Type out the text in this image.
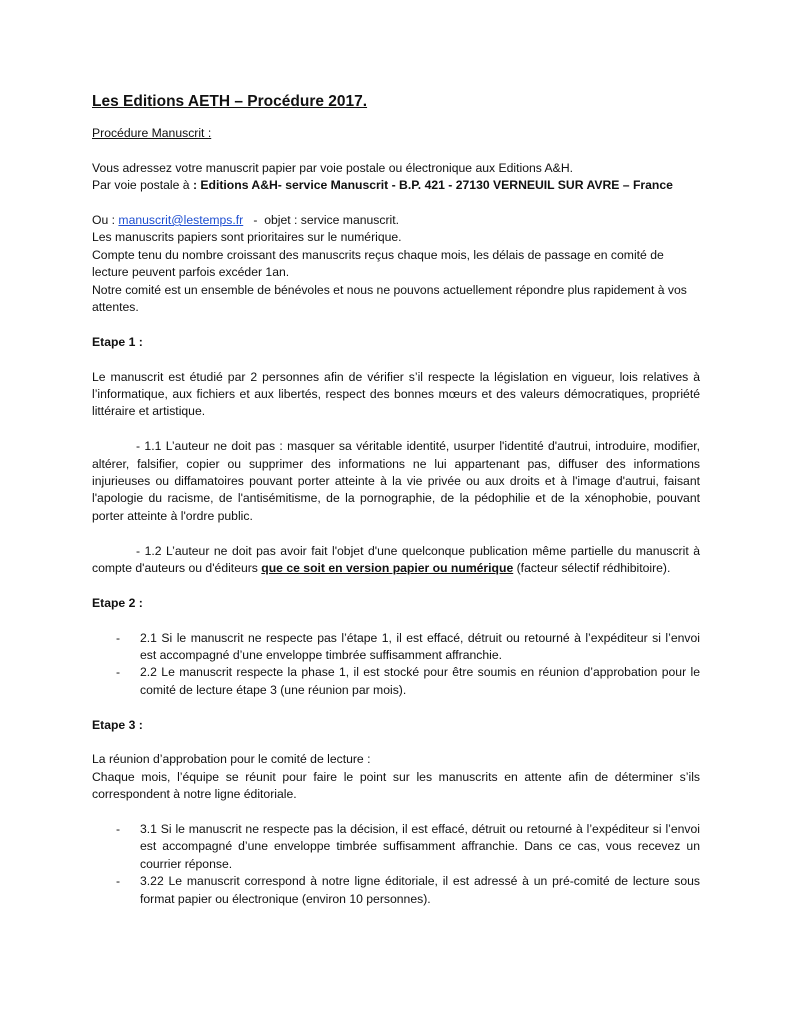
Les Editions AETH – Procédure 2017.

Procédure Manuscrit :

Vous adressez votre manuscrit papier par voie postale ou électronique aux Editions A&H.

Par voie postale à : Editions A&H- service Manuscrit - B.P. 421 - 27130 VERNEUIL SUR AVRE – France

Ou : manuscrit@lestemps.fr   -  objet : service manuscrit.

Les manuscrits papiers sont prioritaires sur le numérique.

Compte tenu du nombre croissant des manuscrits reçus chaque mois, les délais de passage en comité de lecture peuvent parfois excéder 1an.

Notre comité est un ensemble de bénévoles et nous ne pouvons actuellement répondre plus rapidement à vos attentes.

Etape 1 :

Le manuscrit est étudié par 2 personnes afin de vérifier s’il respecte la législation en vigueur, lois relatives à l’informatique, aux fichiers et aux libertés, respect des bonnes mœurs et des valeurs démocratiques, propriété littéraire et artistique.

- 1.1 L’auteur ne doit pas : masquer sa véritable identité, usurper l'identité d'autrui, introduire, modifier, altérer, falsifier, copier ou supprimer des informations ne lui appartenant pas, diffuser des informations injurieuses ou diffamatoires pouvant porter atteinte à la vie privée ou aux droits et à l'image d'autrui, faisant l'apologie du racisme, de l'antisémitisme, de la pornographie, de la pédophilie et de la xénophobie, pouvant porter atteinte à l'ordre public.

- 1.2 L’auteur ne doit pas avoir fait l'objet d'une quelconque publication même partielle du manuscrit à compte d'auteurs ou d'éditeurs que ce soit en version papier ou numérique (facteur sélectif rédhibitoire).

Etape 2 :

- 2.1 Si le manuscrit ne respecte pas l’étape 1, il est effacé, détruit ou retourné à l’expéditeur si l’envoi est accompagné d’une enveloppe timbrée suffisamment affranchie.
- 2.2 Le manuscrit respecte la phase 1, il est stocké pour être soumis en réunion d’approbation pour le comité de lecture étape 3 (une réunion par mois).

Etape 3 :

La réunion d’approbation pour le comité de lecture :

Chaque mois, l’équipe se réunit pour faire le point sur les manuscrits en attente afin de déterminer s’ils correspondent à notre ligne éditoriale.

- 3.1 Si le manuscrit ne respecte pas la décision, il est effacé, détruit ou retourné à l’expéditeur si l’envoi est accompagné d’une enveloppe timbrée suffisamment affranchie. Dans ce cas, vous recevez un courrier réponse.
- 3.22 Le manuscrit correspond à notre ligne éditoriale, il est adressé à un pré-comité de lecture sous format papier ou électronique (environ 10 personnes).
